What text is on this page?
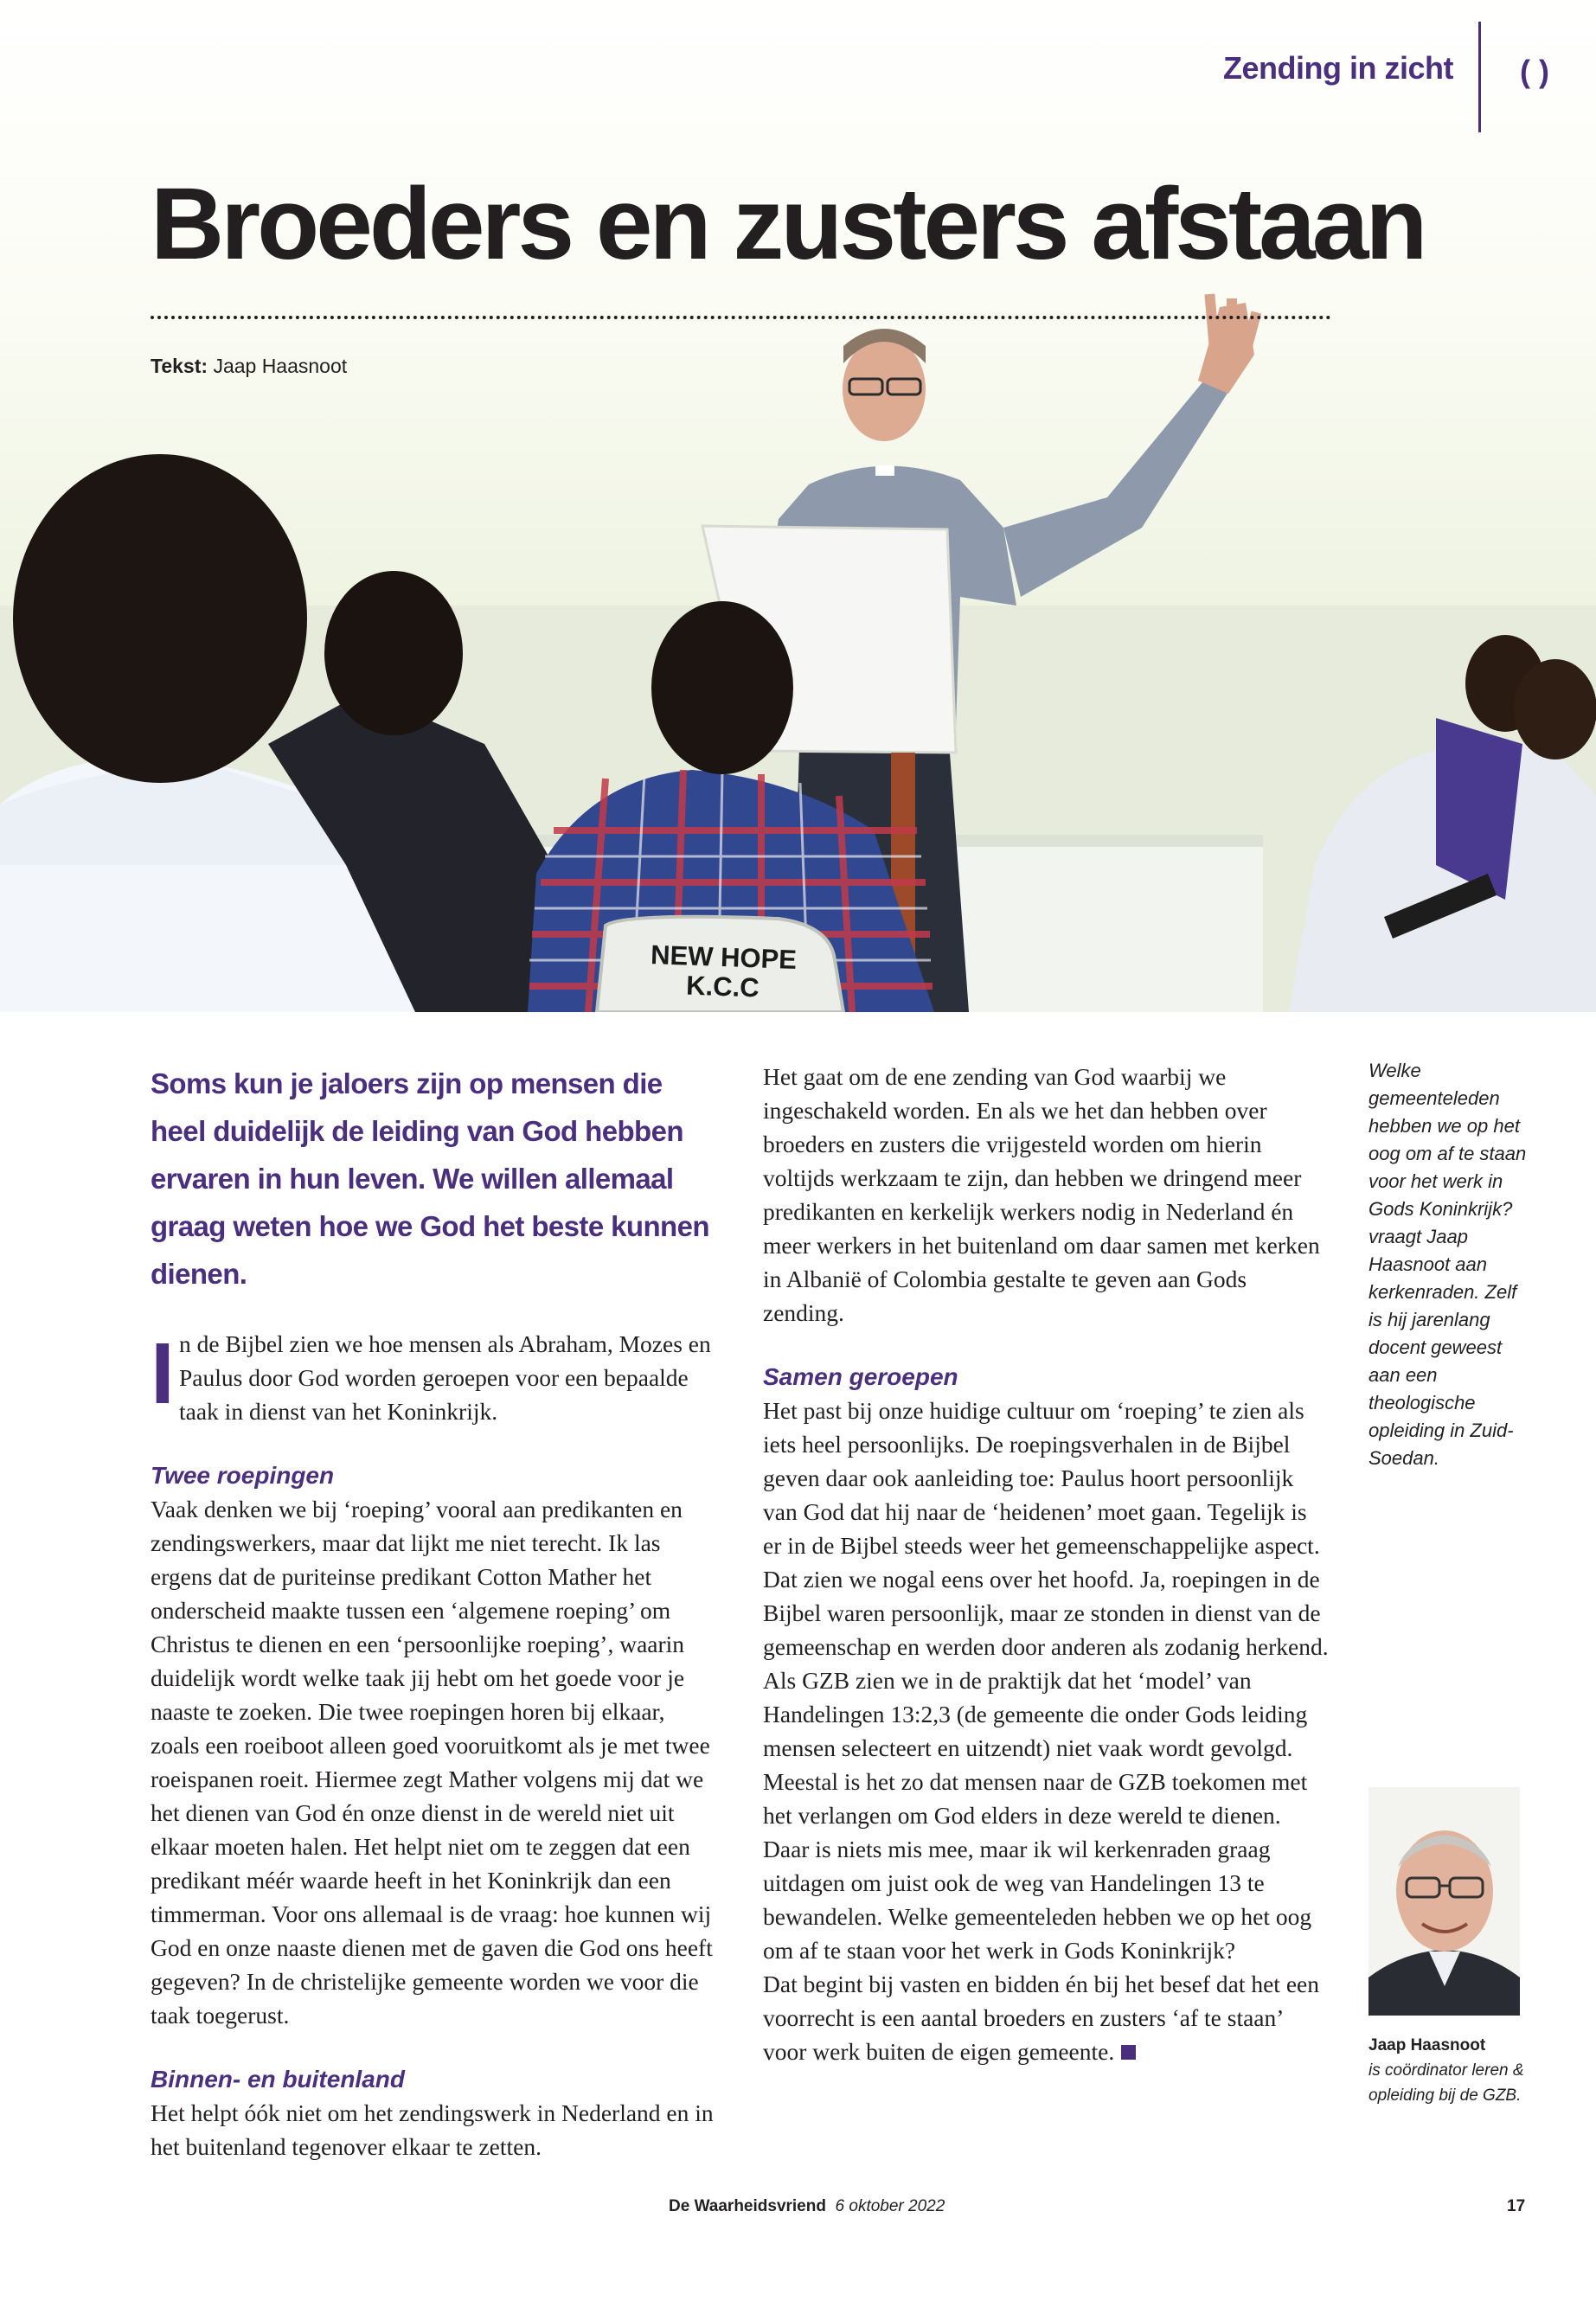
NEW HOPE
K.C.C
Zending in zicht ( )
Broeders en zusters afstaan
Tekst: Jaap Haasnoot

Soms kun je jaloers zijn op mensen die heel duidelijk de leiding van God hebben ervaren in hun leven. We willen allemaal graag weten hoe we God het beste kunnen dienen.

I n de Bijbel zien we hoe mensen als Abraham, Mozes en Paulus door God worden geroepen voor een bepaalde taak in dienst van het Koninkrijk.

Twee roepingen

Vaak denken we bij ‘roeping’ vooral aan predikanten en zendingswerkers, maar dat lijkt me niet terecht. Ik las ergens dat de puriteinse predikant Cotton Mather het onderscheid maakte tussen een ‘algemene roeping’ om Christus te dienen en een ‘persoonlijke roeping’, waarin duidelijk wordt welke taak jij hebt om het goede voor je naaste te zoeken. Die twee roepingen horen bij elkaar, zoals een roeiboot alleen goed vooruitkomt als je met twee roeispanen roeit. Hiermee zegt Mather volgens mij dat we het dienen van God én onze dienst in de wereld niet uit elkaar moeten halen. Het helpt niet om te zeggen dat een predikant méér waarde heeft in het Koninkrijk dan een timmerman. Voor ons allemaal is de vraag: hoe kunnen wij God en onze naaste dienen met de gaven die God ons heeft gegeven? In de christelijke gemeente worden we voor die taak toegerust.

Binnen- en buitenland

Het helpt óók niet om het zendingswerk in Nederland en in het buitenland tegenover elkaar te zetten.

Het gaat om de ene zending van God waarbij we ingeschakeld worden. En als we het dan hebben over broeders en zusters die vrijgesteld worden om hierin voltijds werkzaam te zijn, dan hebben we dringend meer predikanten en kerkelijk werkers nodig in Nederland én meer werkers in het buitenland om daar samen met kerken in Albanië of Colombia gestalte te geven aan Gods zending.

Samen geroepen

Het past bij onze huidige cultuur om ‘roeping’ te zien als iets heel persoonlijks. De roepingsverhalen in de Bijbel geven daar ook aanleiding toe: Paulus hoort persoonlijk van God dat hij naar de ‘heidenen’ moet gaan. Tegelijk is er in de Bijbel steeds weer het gemeenschappelijke aspect. Dat zien we nogal eens over het hoofd. Ja, roepingen in de Bijbel waren persoonlijk, maar ze stonden in dienst van de gemeenschap en werden door anderen als zodanig herkend. Als GZB zien we in de praktijk dat het ‘model’ van Handelingen 13:2,3 (de gemeente die onder Gods leiding mensen selecteert en uitzendt) niet vaak wordt gevolgd. Meestal is het zo dat mensen naar de GZB toekomen met het verlangen om God elders in deze wereld te dienen. Daar is niets mis mee, maar ik wil kerkenraden graag uitdagen om juist ook de weg van Handelingen 13 te bewandelen. Welke gemeenteleden hebben we op het oog om af te staan voor het werk in Gods Koninkrijk?

Dat begint bij vasten en bidden én bij het besef dat het een voorrecht is een aantal broeders en zusters ‘af te staan’ voor werk buiten de eigen gemeente.

Welke gemeenteleden hebben we op het oog om af te staan voor het werk in Gods Koninkrijk? vraagt Jaap Haasnoot aan kerkenraden. Zelf is hij jarenlang docent geweest aan een theologische opleiding in Zuid-Soedan.
Jaap Haasnoot
is coördinator leren & opleiding bij de GZB.
De Waarheidsvriend 6 oktober 2022	17
